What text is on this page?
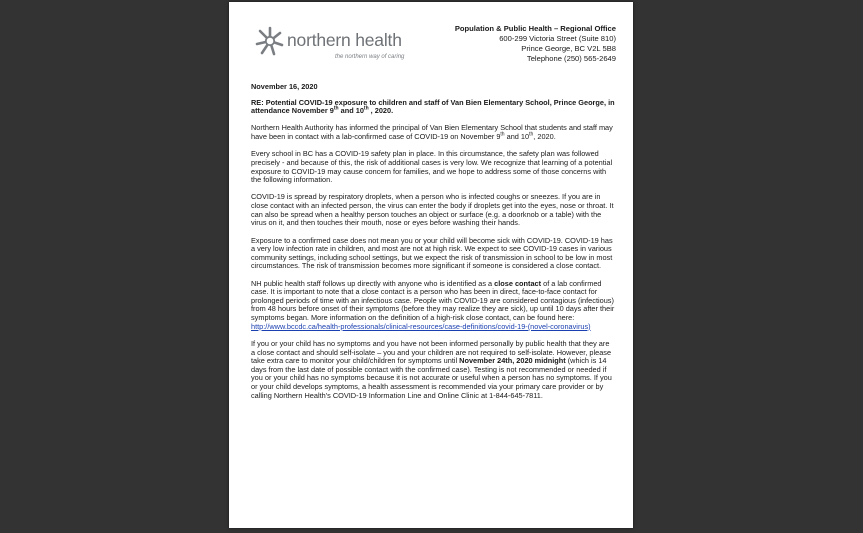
northern health
the northern way of caring
Population & Public Health – Regional Office
600-299 Victoria Street (Suite 810)
Prince George, BC V2L 5B8
Telephone (250) 565-2649

November 16, 2020

RE: Potential COVID-19 exposure to children and staff of Van Bien Elementary School, Prince George, in attendance November 9th and 10th , 2020.

Northern Health Authority has informed the principal of Van Bien Elementary School that students and staff may have been in contact with a lab-confirmed case of COVID-19 on November 9th and 10th, 2020.

Every school in BC has a COVID-19 safety plan in place. In this circumstance, the safety plan was followed precisely - and because of this, the risk of additional cases is very low. We recognize that learning of a potential exposure to COVID-19 may cause concern for families, and we hope to address some of those concerns with the following information.

COVID-19 is spread by respiratory droplets, when a person who is infected coughs or sneezes. If you are in close contact with an infected person, the virus can enter the body if droplets get into the eyes, nose or throat. It can also be spread when a healthy person touches an object or surface (e.g. a doorknob or a table) with the virus on it, and then touches their mouth, nose or eyes before washing their hands.

Exposure to a confirmed case does not mean you or your child will become sick with COVID-19. COVID-19 has a very low infection rate in children, and most are not at high risk. We expect to see COVID-19 cases in various community settings, including school settings, but we expect the risk of transmission in school to be low in most circumstances. The risk of transmission becomes more significant if someone is considered a close contact.

NH public health staff follows up directly with anyone who is identified as a close contact of a lab confirmed case. It is important to note that a close contact is a person who has been in direct, face-to-face contact for prolonged periods of time with an infectious case. People with COVID-19 are considered contagious (infectious) from 48 hours before onset of their symptoms (before they may realize they are sick), up until 10 days after their symptoms began. More information on the definition of a high-risk close contact, can be found here: http://www.bccdc.ca/health-professionals/clinical-resources/case-definitions/covid-19-(novel-coronavirus)

If you or your child has no symptoms and you have not been informed personally by public health that they are a close contact and should self-isolate – you and your children are not required to self-isolate. However, please take extra care to monitor your child/children for symptoms until November 24th, 2020 midnight (which is 14 days from the last date of possible contact with the confirmed case). Testing is not recommended or needed if you or your child has no symptoms because it is not accurate or useful when a person has no symptoms. If you or your child develops symptoms, a health assessment is recommended via your primary care provider or by calling Northern Health's COVID-19 Information Line and Online Clinic at 1-844-645-7811.
